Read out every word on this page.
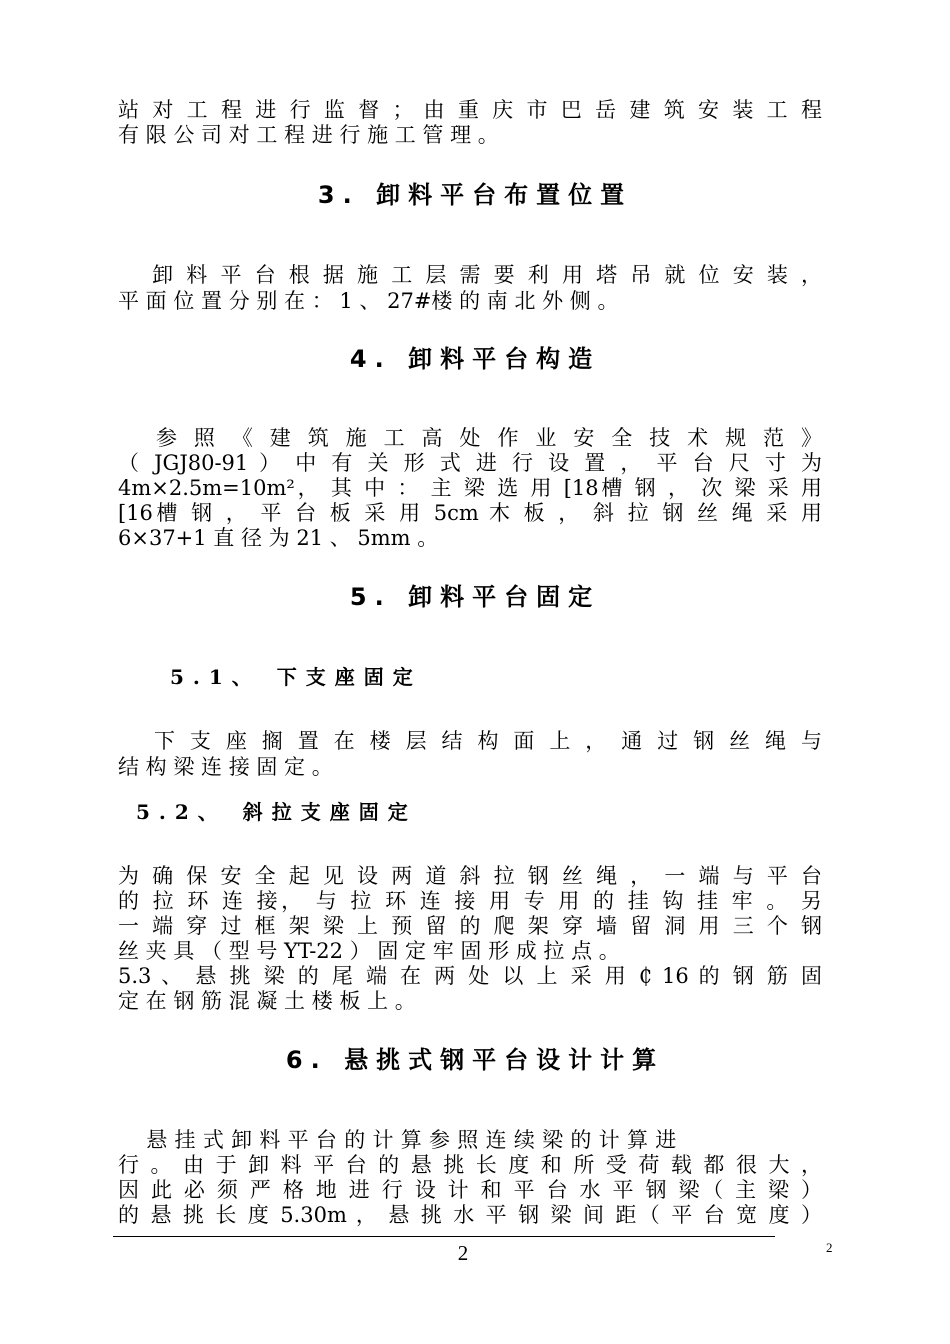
站 对 工 程 进 行 监 督 ； 由 重 庆 市 巴 岳 建 筑 安 装 工 程
有 限 公 司 对 工 程 进 行 施 工 管 理 。
3. 卸料平台布置位置
　 卸 料 平 台 根 据 施 工 层 需 要 利 用 塔 吊 就 位 安 装 ，
平 面 位 置 分 别 在 ： 1 、 27#楼 的 南 北 外 侧 。
4. 卸料平台构造
　 参 照 《 建 筑 施 工 高 处 作 业 安 全 技 术 规 范 》
（ JGJ80-91 ） 中 有 关 形 式 进 行 设 置 ， 平 台 尺 寸 为
4m×2.5m=10m²， 其 中 ： 主 梁 选 用 [18槽 钢 ， 次 梁 采 用
[16槽 钢 ， 平 台 板 采 用 5cm 木 板 ， 斜 拉 钢 丝 绳 采 用
6×37+1 直 径 为 21 、 5mm 。
5. 卸料平台固定
5.1、 下支座固定
　 下 支 座 搁 置 在 楼 层 结 构 面 上 ， 通 过 钢 丝 绳 与
结 构 梁 连 接 固 定 。
5.2、 斜拉支座固定
为 确 保 安 全 起 见 设 两 道 斜 拉 钢 丝 绳 ， 一 端 与 平 台
的 拉 环 连 接， 与 拉 环 连 接 用 专 用 的 挂 钩 挂 牢 。 另
一 端 穿 过 框 架 梁 上 预 留 的 爬 架 穿 墙 留 洞 用 三 个 钢
丝 夹 具 （ 型 号 YT-22 ） 固 定 牢 固 形 成 拉 点 。
5.3 、 悬 挑 梁 的 尾 端 在 两 处 以 上 采 用 ₵ 16 的 钢 筋 固
定 在 钢 筋 混 凝 土 楼 板 上 。
6. 悬挑式钢平台设计计算
　 悬 挂 式 卸 料 平 台 的 计 算 参 照 连 续 梁 的 计 算 进
行 。 由 于 卸 料 平 台 的 悬 挑 长 度 和 所 受 荷 载 都 很 大 ，
因 此 必 须 严 格 地 进 行 设 计 和 平 台 水 平 钢 梁（ 主 梁 ）
的 悬 挑 长 度 5.30m ， 悬 挑 水 平 钢 梁 间 距（ 平 台 宽 度 ）
2	2
